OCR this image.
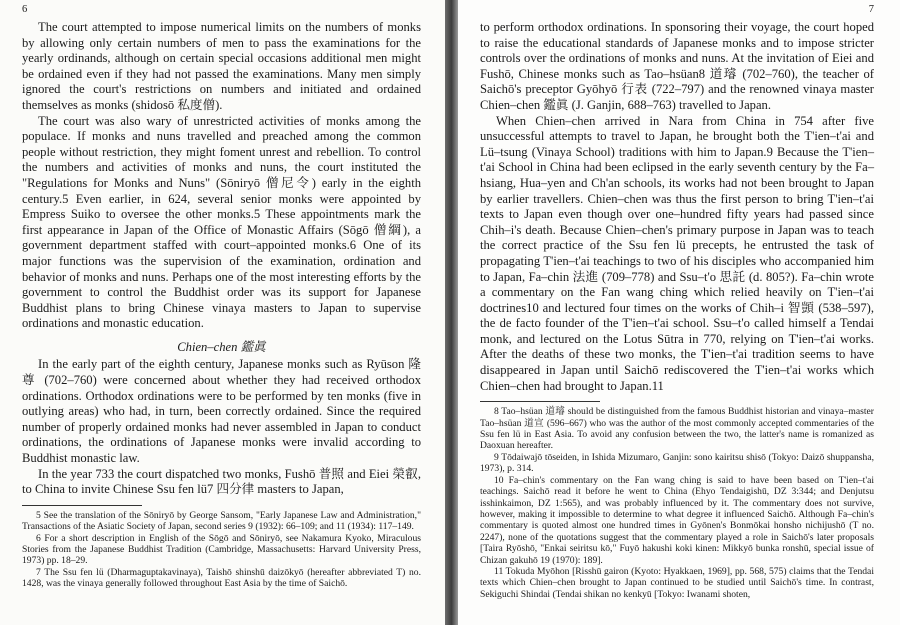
6

The court attempted to impose numerical limits on the numbers of monks by allowing only certain numbers of men to pass the examinations for the yearly ordinands, although on certain special occasions additional men might be ordained even if they had not passed the examinations. Many men simply ignored the court's restrictions on numbers and initiated and ordained themselves as monks (shidosō 私度僧).

The court was also wary of unrestricted activities of monks among the populace. If monks and nuns travelled and preached among the common people without restriction, they might foment unrest and rebellion. To control the numbers and activities of monks and nuns, the court instituted the "Regulations for Monks and Nuns" (Sōniryō 僧尼令) early in the eighth century.5 Even earlier, in 624, several senior monks were appointed by Empress Suiko to oversee the other monks.5 These appointments mark the first appearance in Japan of the Office of Monastic Affairs (Sōgō 僧綱), a government department staffed with court–appointed monks.6 One of its major functions was the supervision of the examination, ordination and behavior of monks and nuns. Perhaps one of the most interesting efforts by the government to control the Buddhist order was its support for Japanese Buddhist plans to bring Chinese vinaya masters to Japan to supervise ordinations and monastic education.

Chien–chen 鑑眞

In the early part of the eighth century, Japanese monks such as Ryūson 隆尊 (702–760) were concerned about whether they had received orthodox ordinations. Orthodox ordinations were to be performed by ten monks (five in outlying areas) who had, in turn, been correctly ordained. Since the required number of properly ordained monks had never assembled in Japan to conduct ordinations, the ordinations of Japanese monks were invalid according to Buddhist monastic law.

In the year 733 the court dispatched two monks, Fushō 普照 and Eiei 榮叡, to China to invite Chinese Ssu fen lü7 四分律 masters to Japan,

5 See the translation of the Sōniryō by George Sansom, "Early Japanese Law and Administration," Transactions of the Asiatic Society of Japan, second series 9 (1932): 66–109; and 11 (1934): 117–149.

6 For a short description in English of the Sōgō and Sōniryō, see Nakamura Kyoko, Miraculous Stories from the Japanese Buddhist Tradition (Cambridge, Massachusetts: Harvard University Press, 1973) pp. 18–29.

7 The Ssu fen lü (Dharmaguptakavinaya), Taishō shinshū daizōkyō (hereafter abbreviated T) no. 1428, was the vinaya generally followed throughout East Asia by the time of Saichō.

7

to perform orthodox ordinations. In sponsoring their voyage, the court hoped to raise the educational standards of Japanese monks and to impose stricter controls over the ordinations of monks and nuns. At the invitation of Eiei and Fushō, Chinese monks such as Tao–hsüan8 道璿 (702–760), the teacher of Saichō's preceptor Gyōhyō 行表 (722–797) and the renowned vinaya master Chien–chen 鑑眞 (J. Ganjin, 688–763) travelled to Japan.

When Chien–chen arrived in Nara from China in 754 after five unsuccessful attempts to travel to Japan, he brought both the T'ien–t'ai and Lü–tsung (Vinaya School) traditions with him to Japan.9 Because the T'ien–t'ai School in China had been eclipsed in the early seventh century by the Fa–hsiang, Hua–yen and Ch'an schools, its works had not been brought to Japan by earlier travellers. Chien–chen was thus the first person to bring T'ien–t'ai texts to Japan even though over one–hundred fifty years had passed since Chih–i's death. Because Chien–chen's primary purpose in Japan was to teach the correct practice of the Ssu fen lü precepts, he entrusted the task of propagating T'ien–t'ai teachings to two of his disciples who accompanied him to Japan, Fa–chin 法進 (709–778) and Ssu–t'o 思託 (d. 805?). Fa–chin wrote a commentary on the Fan wang ching which relied heavily on T'ien–t'ai doctrines10 and lectured four times on the works of Chih–i 智顗 (538–597), the de facto founder of the T'ien–t'ai school. Ssu–t'o called himself a Tendai monk, and lectured on the Lotus Sūtra in 770, relying on T'ien–t'ai works. After the deaths of these two monks, the T'ien–t'ai tradition seems to have disappeared in Japan until Saichō rediscovered the T'ien–t'ai works which Chien–chen had brought to Japan.11

8 Tao–hsüan 道璿 should be distinguished from the famous Buddhist historian and vinaya–master Tao–hsüan 道宣 (596–667) who was the author of the most commonly accepted commentaries of the Ssu fen lü in East Asia. To avoid any confusion between the two, the latter's name is romanized as Daoxuan hereafter.

9 Tōdaiwajō tōseiden, in Ishida Mizumaro, Ganjin: sono kairitsu shisō (Tokyo: Daizō shuppansha, 1973), p. 314.

10 Fa–chin's commentary on the Fan wang ching is said to have been based on T'ien–t'ai teachings. Saichō read it before he went to China (Ehyo Tendaigishū, DZ 3:344; and Denjutsu isshinkaimon, DZ 1:565), and was probably influenced by it. The commentary does not survive, however, making it impossible to determine to what degree it influenced Saichō. Although Fa–chin's commentary is quoted almost one hundred times in Gyōnen's Bonmōkai honsho nichijushō (T no. 2247), none of the quotations suggest that the commentary played a role in Saichō's later proposals [Taira Ryōshō, "Enkai seiritsu kō," Fuyō hakushi koki kinen: Mikkyō bunka ronshū, special issue of Chizan gakuhō 19 (1970): 189].

11 Tokuda Myōhon [Risshū gairon (Kyoto: Hyakkaen, 1969], pp. 568, 575) claims that the Tendai texts which Chien–chen brought to Japan continued to be studied until Saichō's time. In contrast, Sekiguchi Shindai (Tendai shikan no kenkyū [Tokyo: Iwanami shoten,
